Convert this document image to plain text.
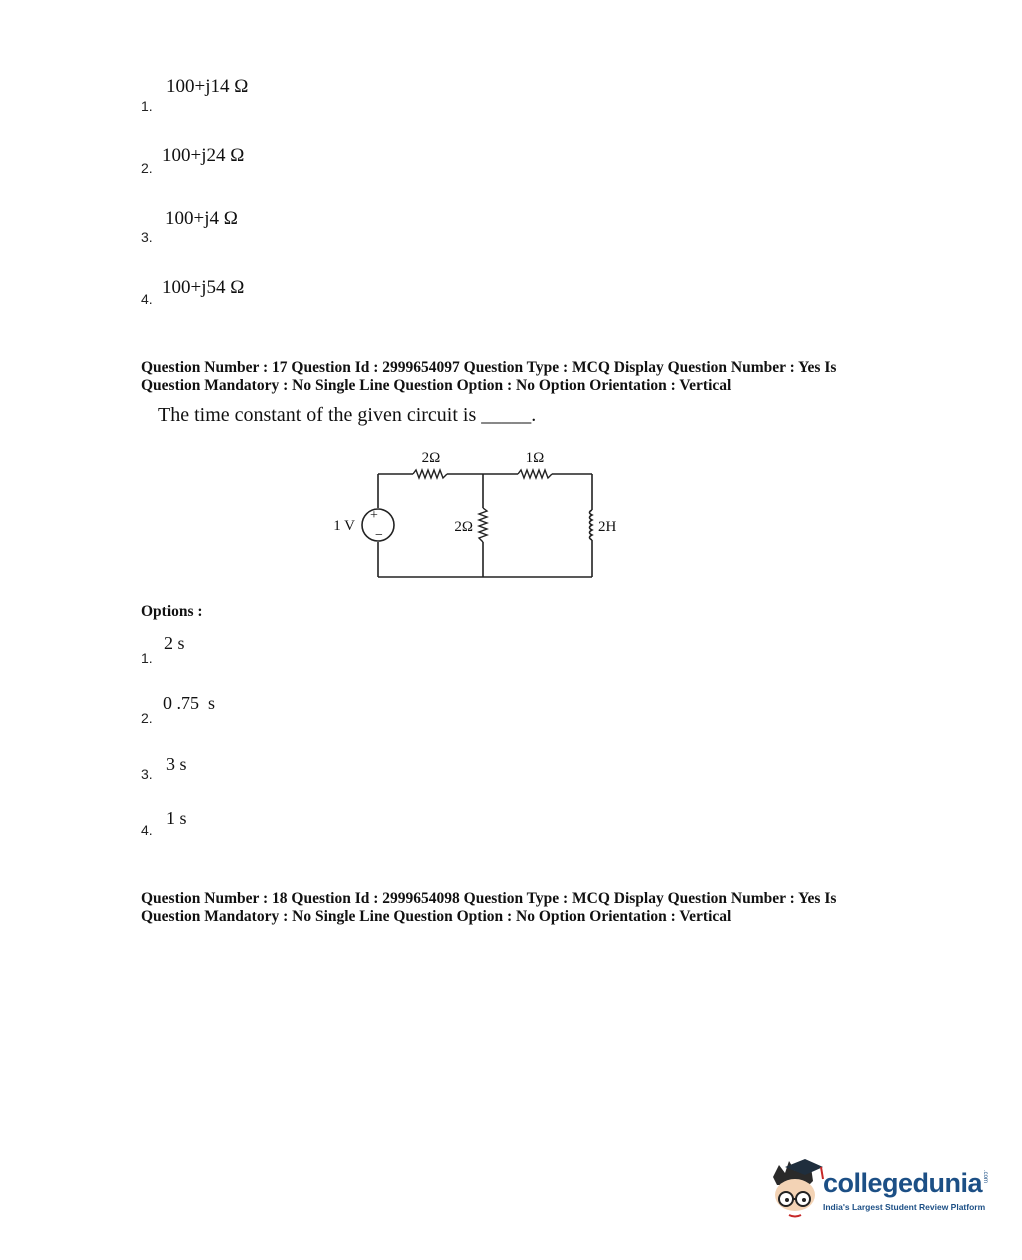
100+j14 Ω
1.
100+j24 Ω
2.
100+j4 Ω
3.
100+j54 Ω
4.
Question Number : 17 Question Id : 2999654097 Question Type : MCQ Display Question Number : Yes Is
Question Mandatory : No Single Line Question Option : No Option Orientation : Vertical
The time constant of the given circuit is _____.
+
−
1 V
2Ω	1Ω
2Ω	2H
Options :
2 s
1.
0 .75  s
2.
3 s
3.
1 s
4.
Question Number : 18 Question Id : 2999654098 Question Type : MCQ Display Question Number : Yes Is
Question Mandatory : No Single Line Question Option : No Option Orientation : Vertical
collegedunia .com
India's Largest Student Review Platform
